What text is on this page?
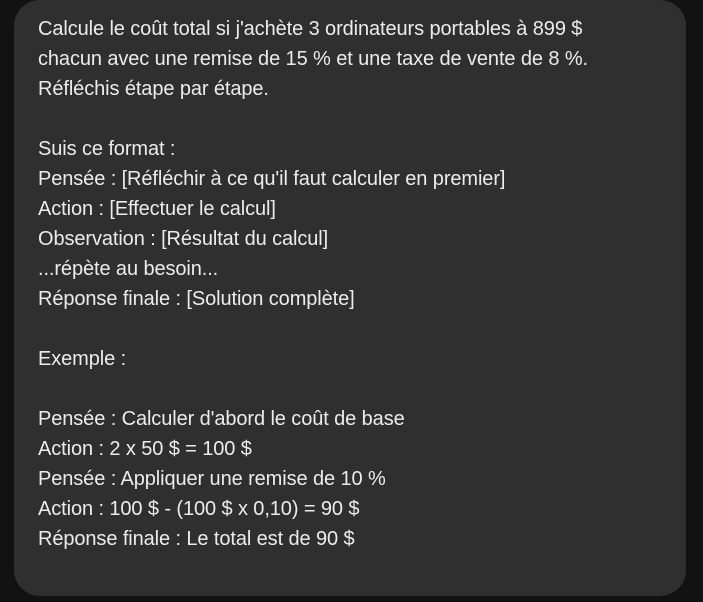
Calcule le coût total si j'achète 3 ordinateurs portables à 899 $
chacun avec une remise de 15 % et une taxe de vente de 8 %.
Réfléchis étape par étape.
Suis ce format :
Pensée : [Réfléchir à ce qu'il faut calculer en premier]
Action : [Effectuer le calcul]
Observation : [Résultat du calcul]
...répète au besoin...
Réponse finale : [Solution complète]
Exemple :
Pensée : Calculer d'abord le coût de base
Action : 2 x 50 $ = 100 $
Pensée : Appliquer une remise de 10 %
Action : 100 $ - (100 $ x 0,10) = 90 $
Réponse finale : Le total est de 90 $
